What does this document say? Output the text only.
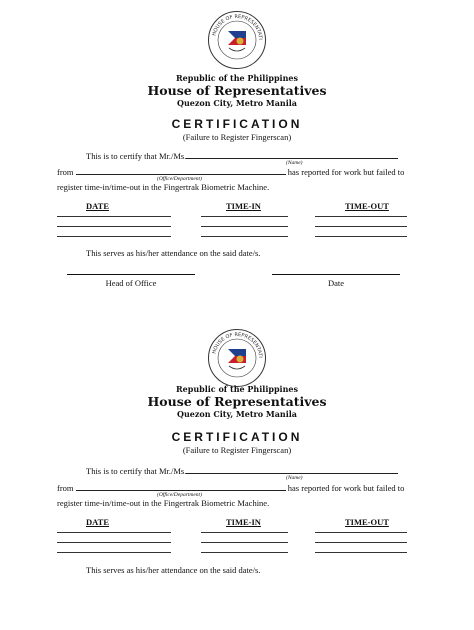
HOUSE OF REPRESENTATI
Republic of the Philippines
House of Representatives
Quezon City, Metro Manila
CERTIFICATION
(Failure to Register Fingerscan)
This is to certify that Mr./Ms.
(Name)
from	has reported for work but failed to
(Office/Department)
register time-in/time-out in the Fingertrak Biometric Machine.
DATE	TIME-IN	TIME-OUT
This serves as his/her attendance on the said date/s.
Head of Office	Date
HOUSE OF REPRESENTATI
Republic of the Philippines
House of Representatives
Quezon City, Metro Manila
CERTIFICATION
(Failure to Register Fingerscan)
This is to certify that Mr./Ms.
(Name)
from	has reported for work but failed to
(Office/Department)
register time-in/time-out in the Fingertrak Biometric Machine.
DATE	TIME-IN	TIME-OUT
This serves as his/her attendance on the said date/s.
